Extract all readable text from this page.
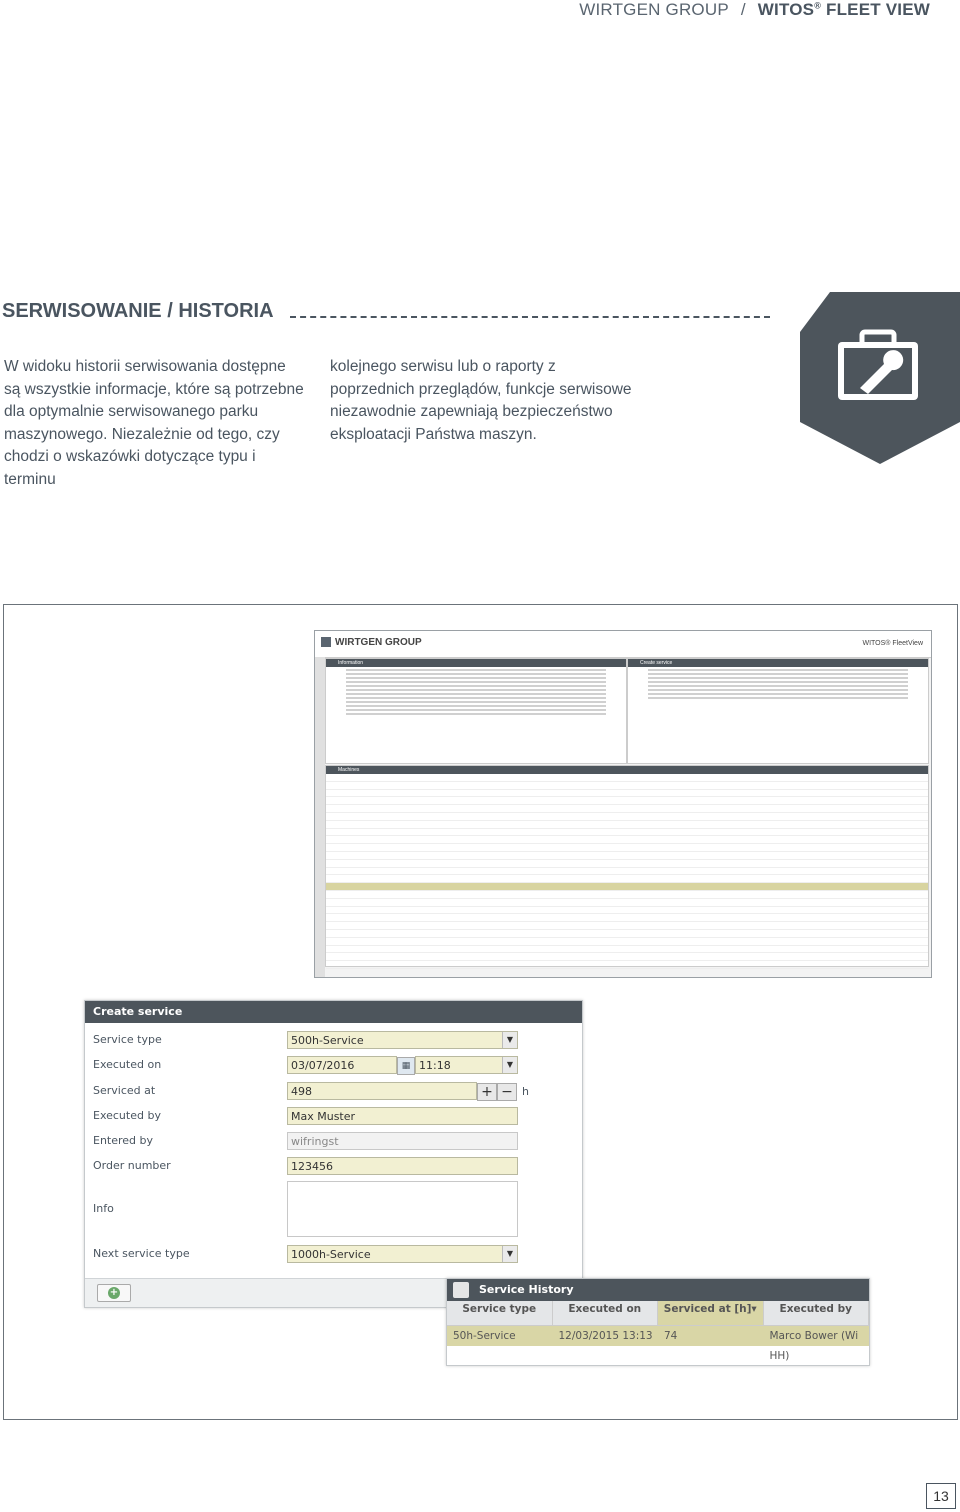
WIRTGEN GROUP / WITOS® FLEET VIEW
SERWISOWANIE / HISTORIA
W widoku historii serwisowania dostępne są wszystkie informacje, które są potrzebne dla optymalnie serwisowanego parku maszynowego. Niezależnie od tego, czy chodzi o wskazówki dotyczące typu i terminu
kolejnego serwisu lub o raporty z poprzednich przeglądów, funkcje serwisowe niezawodnie zapewniają bezpieczeństwo eksploatacji Państwa maszyn.
WIRTGEN GROUP	WITOS® FleetView
Information	Create service
Machines
Create service
Service type	500h-Service	▼
Executed on	03/07/2016	▦ 11:18	▼
Serviced at	498	+ − h
Executed by	Max Muster
Entered by	wifringst
Order number	123456
Info
Next service type	1000h-Service	▼
+	Service History
Service type	Executed on	Serviced at [h]▾	Executed by
50h-Service	12/03/2015 13:13	74	Marco Bower (Wi HH)
13
